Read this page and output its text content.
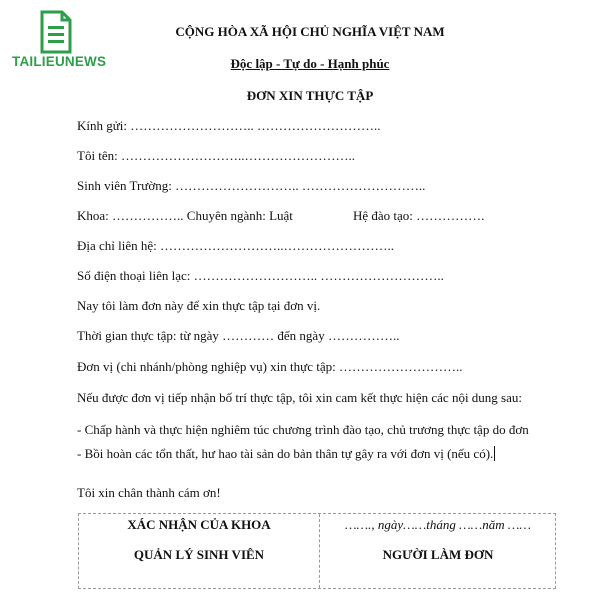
TAILIEUNEWS
CỘNG HÒA XÃ HỘI CHỦ NGHĨA VIỆT NAM
Độc lập - Tự do - Hạnh phúc
ĐƠN XIN THỰC TẬP
Kính gửi: ……………………….. ………………………..
Tôi tên: ………………………..……………………..
Sinh viên Trường: ……………………….. ………………………..
Khoa: …………….. Chuyên ngành: Luật	Hệ đào tạo: …………….
Địa chỉ liên hệ: ………………………..……………………..
Số điện thoại liên lạc: ……………………….. ………………………..
Nay tôi làm đơn này để xin thực tập tại đơn vị.
Thời gian thực tập: từ ngày ………… đến ngày ……………..
Đơn vị (chi nhánh/phòng nghiệp vụ) xin thực tập: ………………………..
Nếu được đơn vị tiếp nhận bố trí thực tập, tôi xin cam kết thực hiện các nội dung sau:
- Chấp hành và thực hiện nghiêm túc chương trình đào tạo, chủ trương thực tập do đơn
- Bồi hoàn các tổn thất, hư hao tài sản do bản thân tự gây ra với đơn vị (nếu có).
Tôi xin chân thành cám ơn!
XÁC NHẬN CỦA KHOA
QUẢN LÝ SINH VIÊN
……., ngày……tháng ……năm ……
NGƯỜI LÀM ĐƠN
